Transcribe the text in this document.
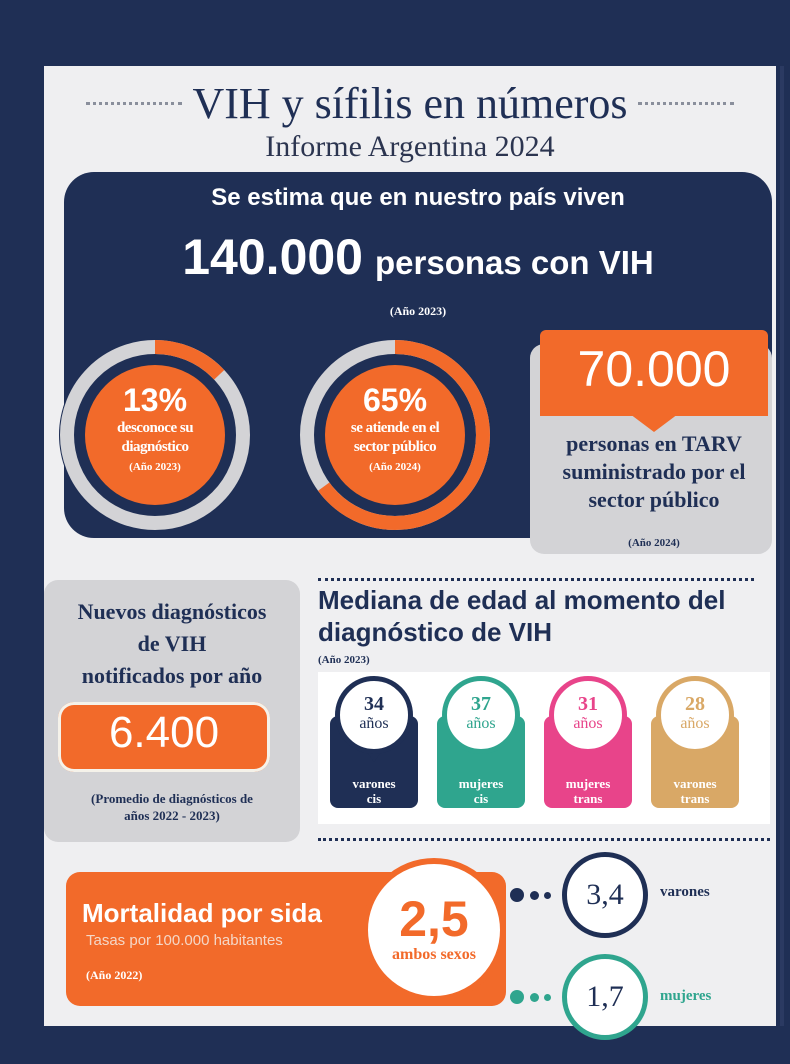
VIH y sífilis en números
Informe Argentina 2024
Se estima que en nuestro país viven
140.000 personas con VIH
(Año 2023)
13%
desconoce su
diagnóstico
(Año 2023)
65%
se atiende en el
sector público
(Año 2024)
70.000
personas en TARV
suministrado por el
sector público
(Año 2024)
Nuevos diagnósticos
de VIH
notificados por año
6.400
(Promedio de diagnósticos de
años 2022 - 2023)
Mediana de edad al momento del
diagnóstico de VIH
(Año 2023)
34
años
varones
cis
37
años
mujeres
cis
31
años
mujeres
trans
28
años
varones
trans
Mortalidad por sida
Tasas por 100.000 habitantes
(Año 2022)
2,5
ambos sexos
3,4	varones
1,7	mujeres
